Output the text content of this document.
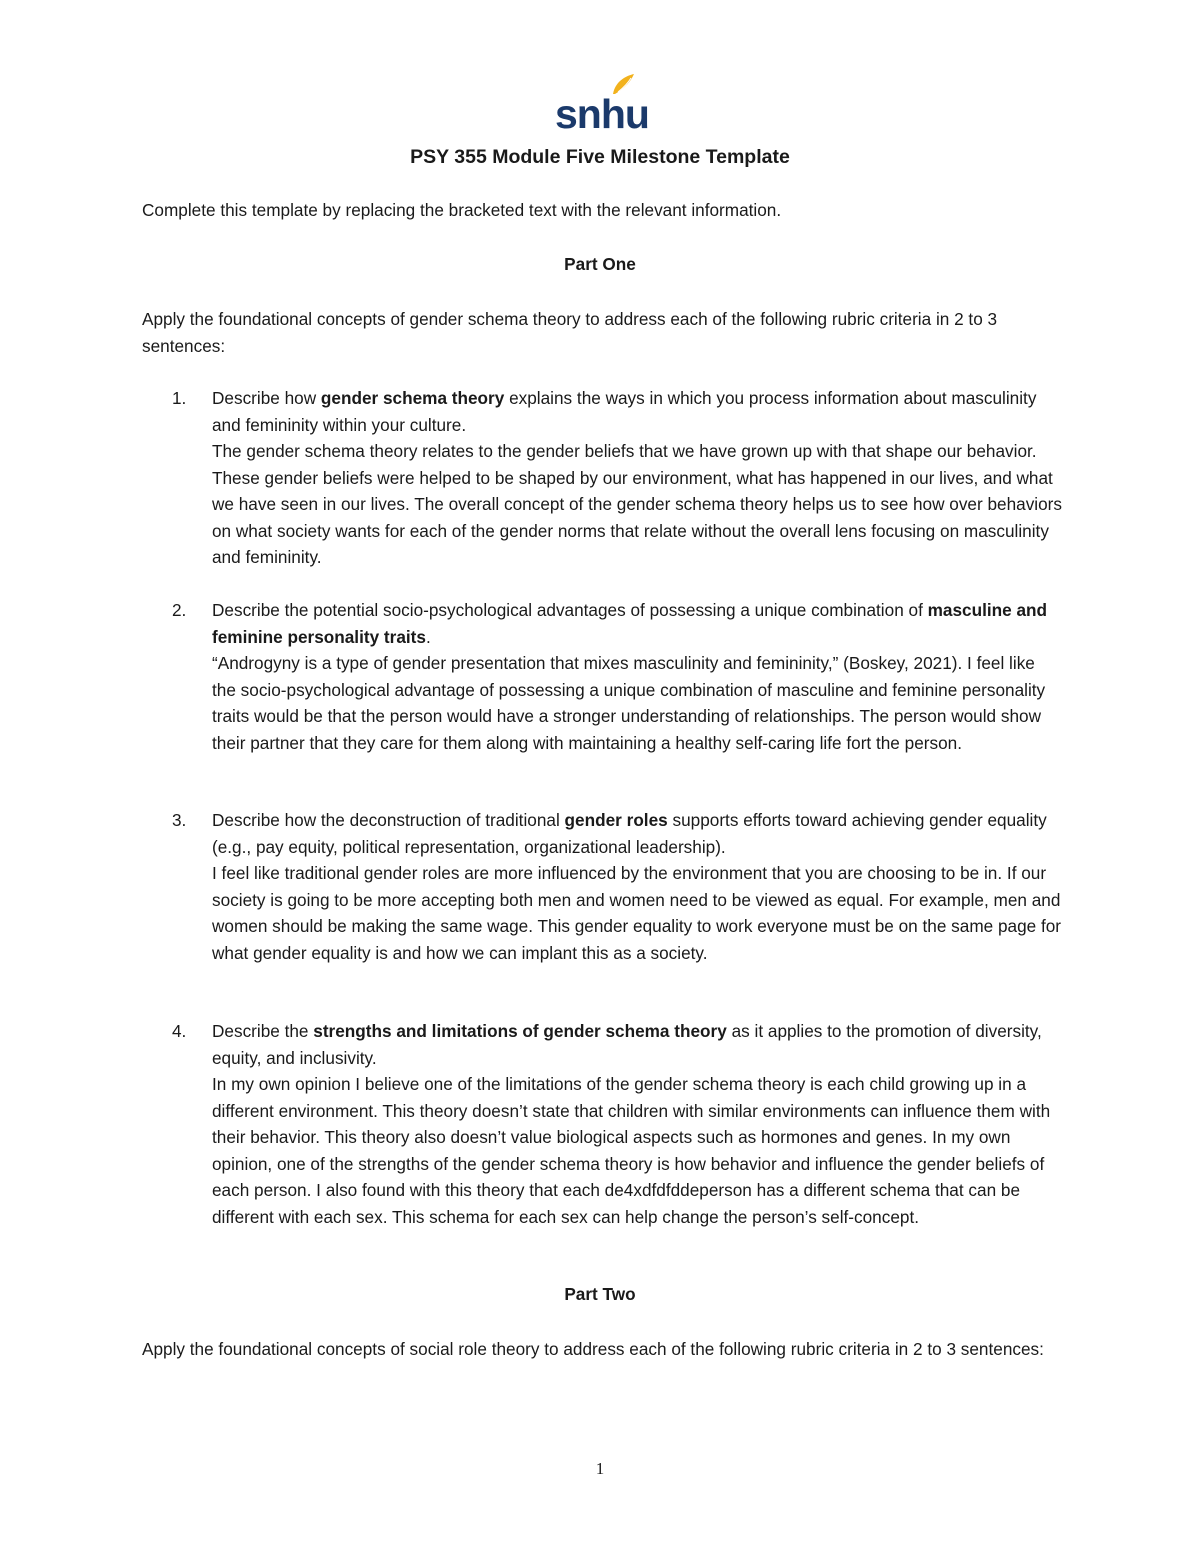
snhu
PSY 355 Module Five Milestone Template

Complete this template by replacing the bracketed text with the relevant information.

Part One

Apply the foundational concepts of gender schema theory to address each of the following rubric criteria in 2 to 3 sentences:

1. Describe how gender schema theory explains the ways in which you process information about masculinity and femininity within your culture.

The gender schema theory relates to the gender beliefs that we have grown up with that shape our behavior. These gender beliefs were helped to be shaped by our environment, what has happened in our lives, and what we have seen in our lives. The overall concept of the gender schema theory helps us to see how over behaviors on what society wants for each of the gender norms that relate without the overall lens focusing on masculinity and femininity.

2. Describe the potential socio-psychological advantages of possessing a unique combination of masculine and feminine personality traits.

“Androgyny is a type of gender presentation that mixes masculinity and femininity,” (Boskey, 2021). I feel like the socio-psychological advantage of possessing a unique combination of masculine and feminine personality traits would be that the person would have a stronger understanding of relationships. The person would show their partner that they care for them along with maintaining a healthy self-caring life fort the person.

3. Describe how the deconstruction of traditional gender roles supports efforts toward achieving gender equality (e.g., pay equity, political representation, organizational leadership).

I feel like traditional gender roles are more influenced by the environment that you are choosing to be in. If our society is going to be more accepting both men and women need to be viewed as equal. For example, men and women should be making the same wage. This gender equality to work everyone must be on the same page for what gender equality is and how we can implant this as a society.

4. Describe the strengths and limitations of gender schema theory as it applies to the promotion of diversity, equity, and inclusivity.

In my own opinion I believe one of the limitations of the gender schema theory is each child growing up in a different environment. This theory doesn’t state that children with similar environments can influence them with their behavior. This theory also doesn’t value biological aspects such as hormones and genes. In my own opinion, one of the strengths of the gender schema theory is how behavior and influence the gender beliefs of each person. I also found with this theory that each de4xdfdfddeperson has a different schema that can be different with each sex. This schema for each sex can help change the person’s self-concept.

Part Two

Apply the foundational concepts of social role theory to address each of the following rubric criteria in 2 to 3 sentences:

1
